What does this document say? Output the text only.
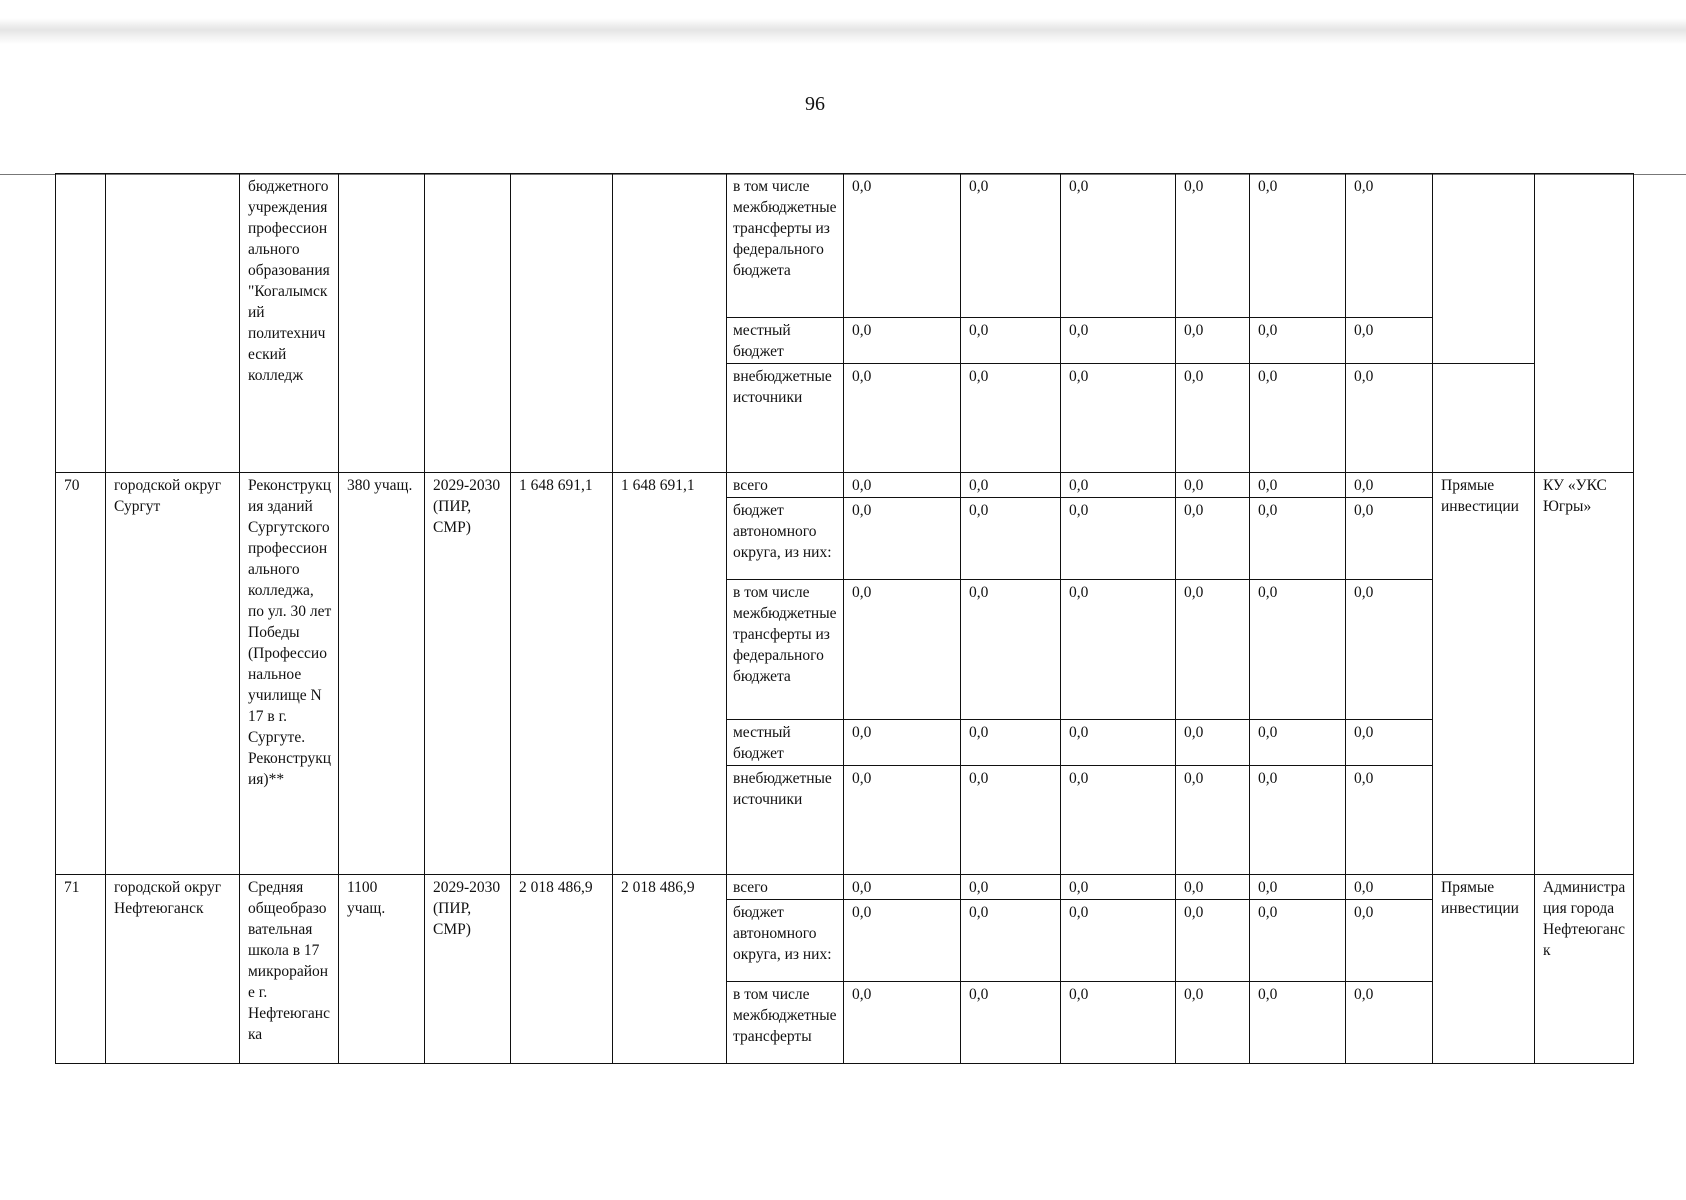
96
		бюджетного учреждения профессионального образования "Когалымский политехнический колледж					в том числе межбюджетные трансферты из федерального бюджета	0,0	0,0	0,0	0,0	0,0	0,0		
							местный бюджет	0,0	0,0	0,0	0,0	0,0	0,0		
							внебюджетные источники	0,0	0,0	0,0	0,0	0,0	0,0		
70	городской округ Сургут	Реконструкция зданий Сургутского профессионального колледжа, по ул. 30 лет Победы (Профессиональное училище N 17 в г. Сургуте. Реконструкция)**	380 учащ.	2029-2030 (ПИР, СМР)	1 648 691,1	1 648 691,1	всего	0,0	0,0	0,0	0,0	0,0	0,0	Прямые инвестиции	КУ «УКС Югры»
							бюджет автономного округа, из них:	0,0	0,0	0,0	0,0	0,0	0,0		
							в том числе межбюджетные трансферты из федерального бюджета	0,0	0,0	0,0	0,0	0,0	0,0		
							местный бюджет	0,0	0,0	0,0	0,0	0,0	0,0		
							внебюджетные источники	0,0	0,0	0,0	0,0	0,0	0,0		
71	городской округ Нефтеюганск	Средняя общеобразовательная школа в 17 микрорайоне г. Нефтеюганска	1100 учащ.	2029-2030 (ПИР, СМР)	2 018 486,9	2 018 486,9	всего	0,0	0,0	0,0	0,0	0,0	0,0	Прямые инвестиции	Администрация города Нефтеюганск
							бюджет автономного округа, из них:	0,0	0,0	0,0	0,0	0,0	0,0		
							в том числе межбюджетные трансферты	0,0	0,0	0,0	0,0	0,0	0,0		
